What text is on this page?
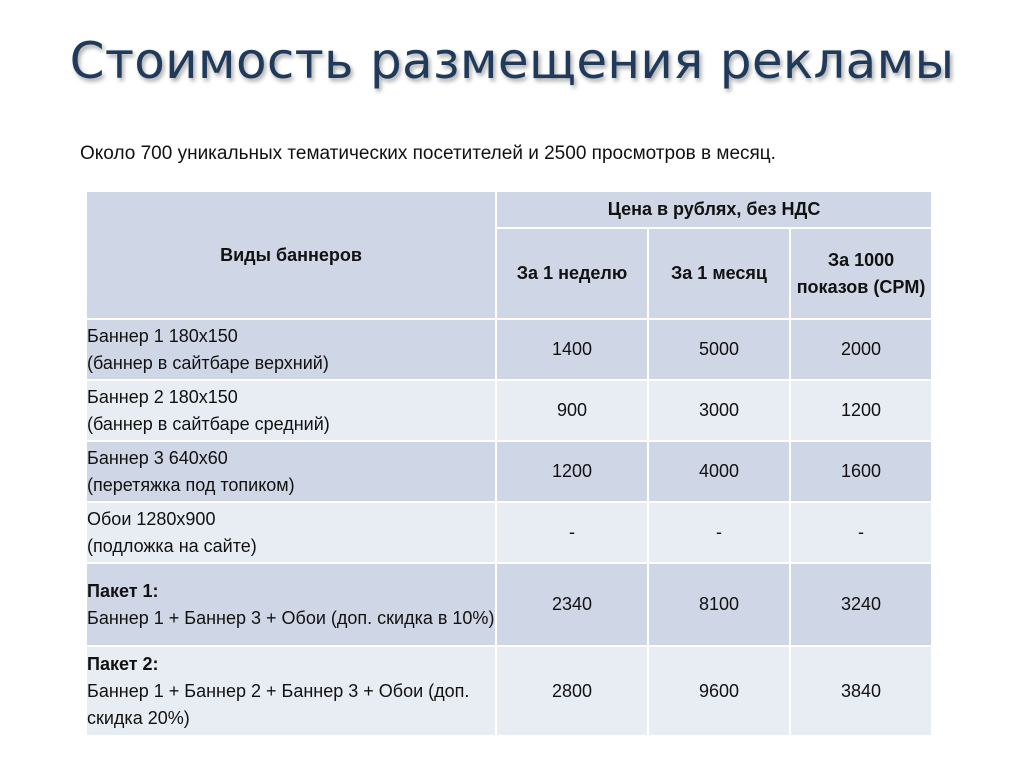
Стоимость размещения рекламы
Около 700 уникальных тематических посетителей и 2500 просмотров в месяц.
Виды баннеров	Цена в рублях, без НДС		
	За 1 неделю	За 1 месяц	За 1000 показов (CPM)
Баннер 1 180x150
(баннер в сайтбаре верхний)	1400	5000	2000
Баннер 2 180x150
(баннер в сайтбаре средний)	900	3000	1200
Баннер 3 640x60
(перетяжка под топиком)	1200	4000	1600
Обои 1280x900
(подложка на сайте)	-	-	-
Пакет 1:
Баннер 1 + Баннер 3 + Обои (доп. скидка в 10%)	2340	8100	3240
Пакет 2:
Баннер 1 + Баннер 2 + Баннер 3 + Обои (доп. скидка 20%)	2800	9600	3840
